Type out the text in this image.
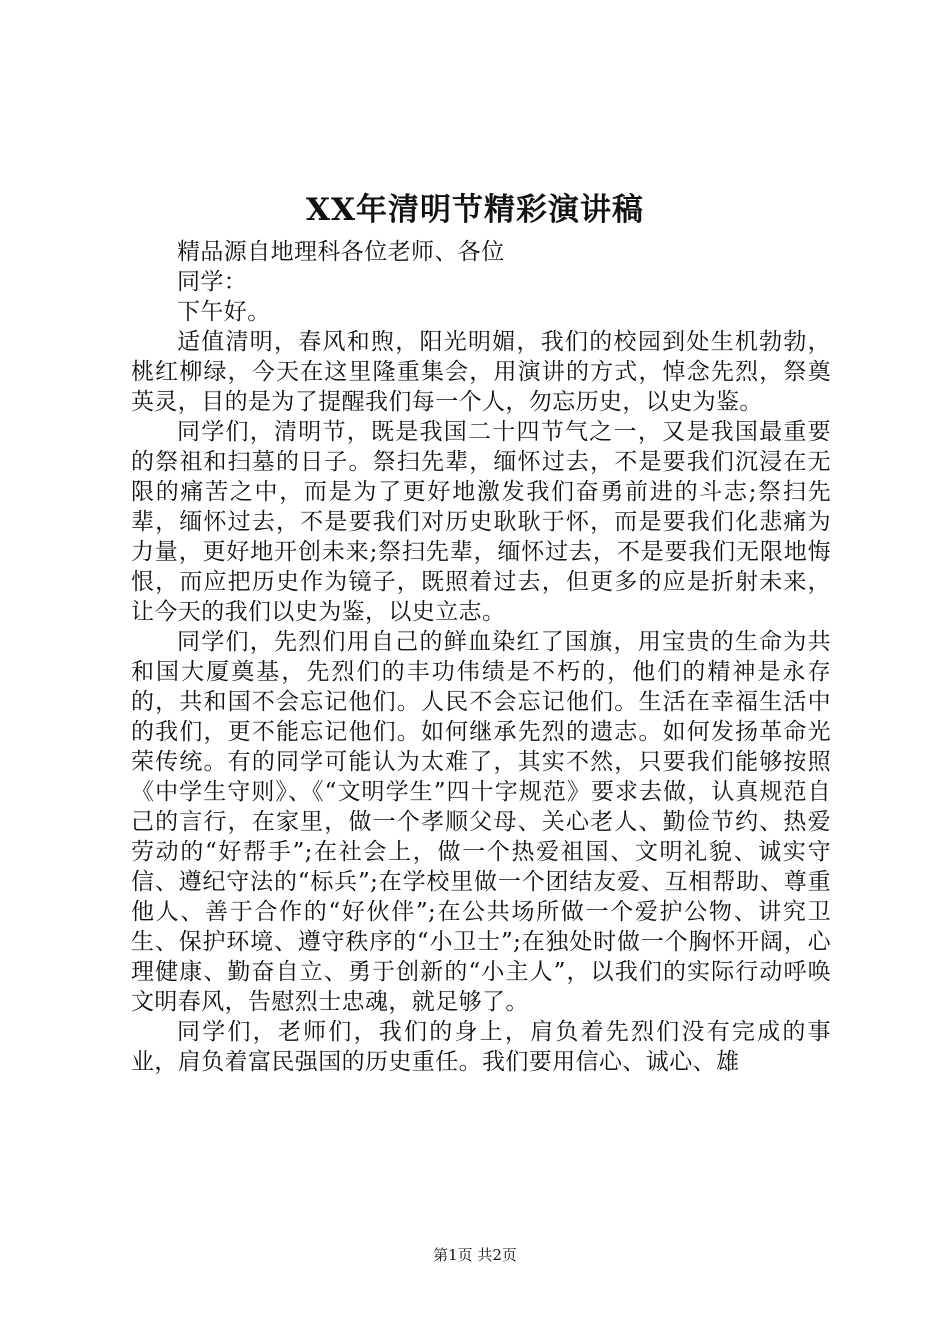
XX年清明节精彩演讲稿

精品源自地理科各位老师、各位

同学：

下午好。

适值清明，春风和煦，阳光明媚，我们的校园到处生机勃勃，桃红柳绿，今天在这里隆重集会，用演讲的方式，悼念先烈，祭奠英灵，目的是为了提醒我们每一个人，勿忘历史，以史为鉴。

同学们，清明节，既是我国二十四节气之一，又是我国最重要的祭祖和扫墓的日子。祭扫先辈，缅怀过去，不是要我们沉浸在无限的痛苦之中，而是为了更好地激发我们奋勇前进的斗志;祭扫先辈，缅怀过去，不是要我们对历史耿耿于怀，而是要我们化悲痛为力量，更好地开创未来;祭扫先辈，缅怀过去，不是要我们无限地悔恨，而应把历史作为镜子，既照着过去，但更多的应是折射未来，让今天的我们以史为鉴，以史立志。

同学们，先烈们用自己的鲜血染红了国旗，用宝贵的生命为共和国大厦奠基，先烈们的丰功伟绩是不朽的，他们的精神是永存的，共和国不会忘记他们。人民不会忘记他们。生活在幸福生活中的我们，更不能忘记他们。如何继承先烈的遗志。如何发扬革命光荣传统。有的同学可能认为太难了，其实不然，只要我们能够按照《中学生守则》、《“文明学生”四十字规范》要求去做，认真规范自己的言行，在家里，做一个孝顺父母、关心老人、勤俭节约、热爱劳动的“好帮手”;在社会上，做一个热爱祖国、文明礼貌、诚实守信、遵纪守法的“标兵”;在学校里做一个团结友爱、互相帮助、尊重他人、善于合作的“好伙伴”;在公共场所做一个爱护公物、讲究卫生、保护环境、遵守秩序的“小卫士”;在独处时做一个胸怀开阔，心理健康、勤奋自立、勇于创新的“小主人”，以我们的实际行动呼唤文明春风，告慰烈士忠魂，就足够了。

同学们，老师们，我们的身上，肩负着先烈们没有完成的事业，肩负着富民强国的历史重任。我们要用信心、诚心、雄

第1页 共2页
